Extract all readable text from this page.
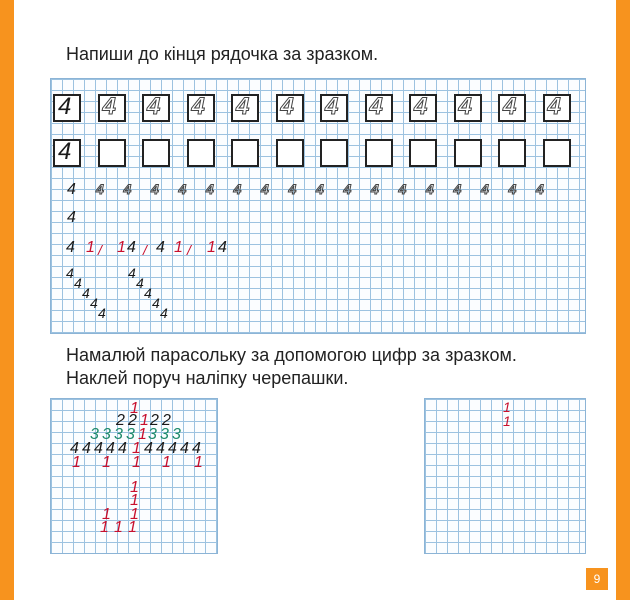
Напиши до кінця рядочка за зразком.
Намалюй парасольку за допомогою цифр за зразком.
Наклей поруч наліпку черепашки.
4
4
4 4 4 4 4 4 4 4 4 4 4
4 4 4 4 4 4 4 4 4 4 4 4 4 4 4 4 4 4
4
4 1 1 4 4 1 1 4
/	/	/
4
4
4
4
4
4
4
4
4
4
1
2 2 1 2 2
3 3 3 3 1 3 3 3
4 4 4 4 4 1 4 4 4 4 4
1 1 1 1 1
1
1
1
1
1 1 1
1
1
9
